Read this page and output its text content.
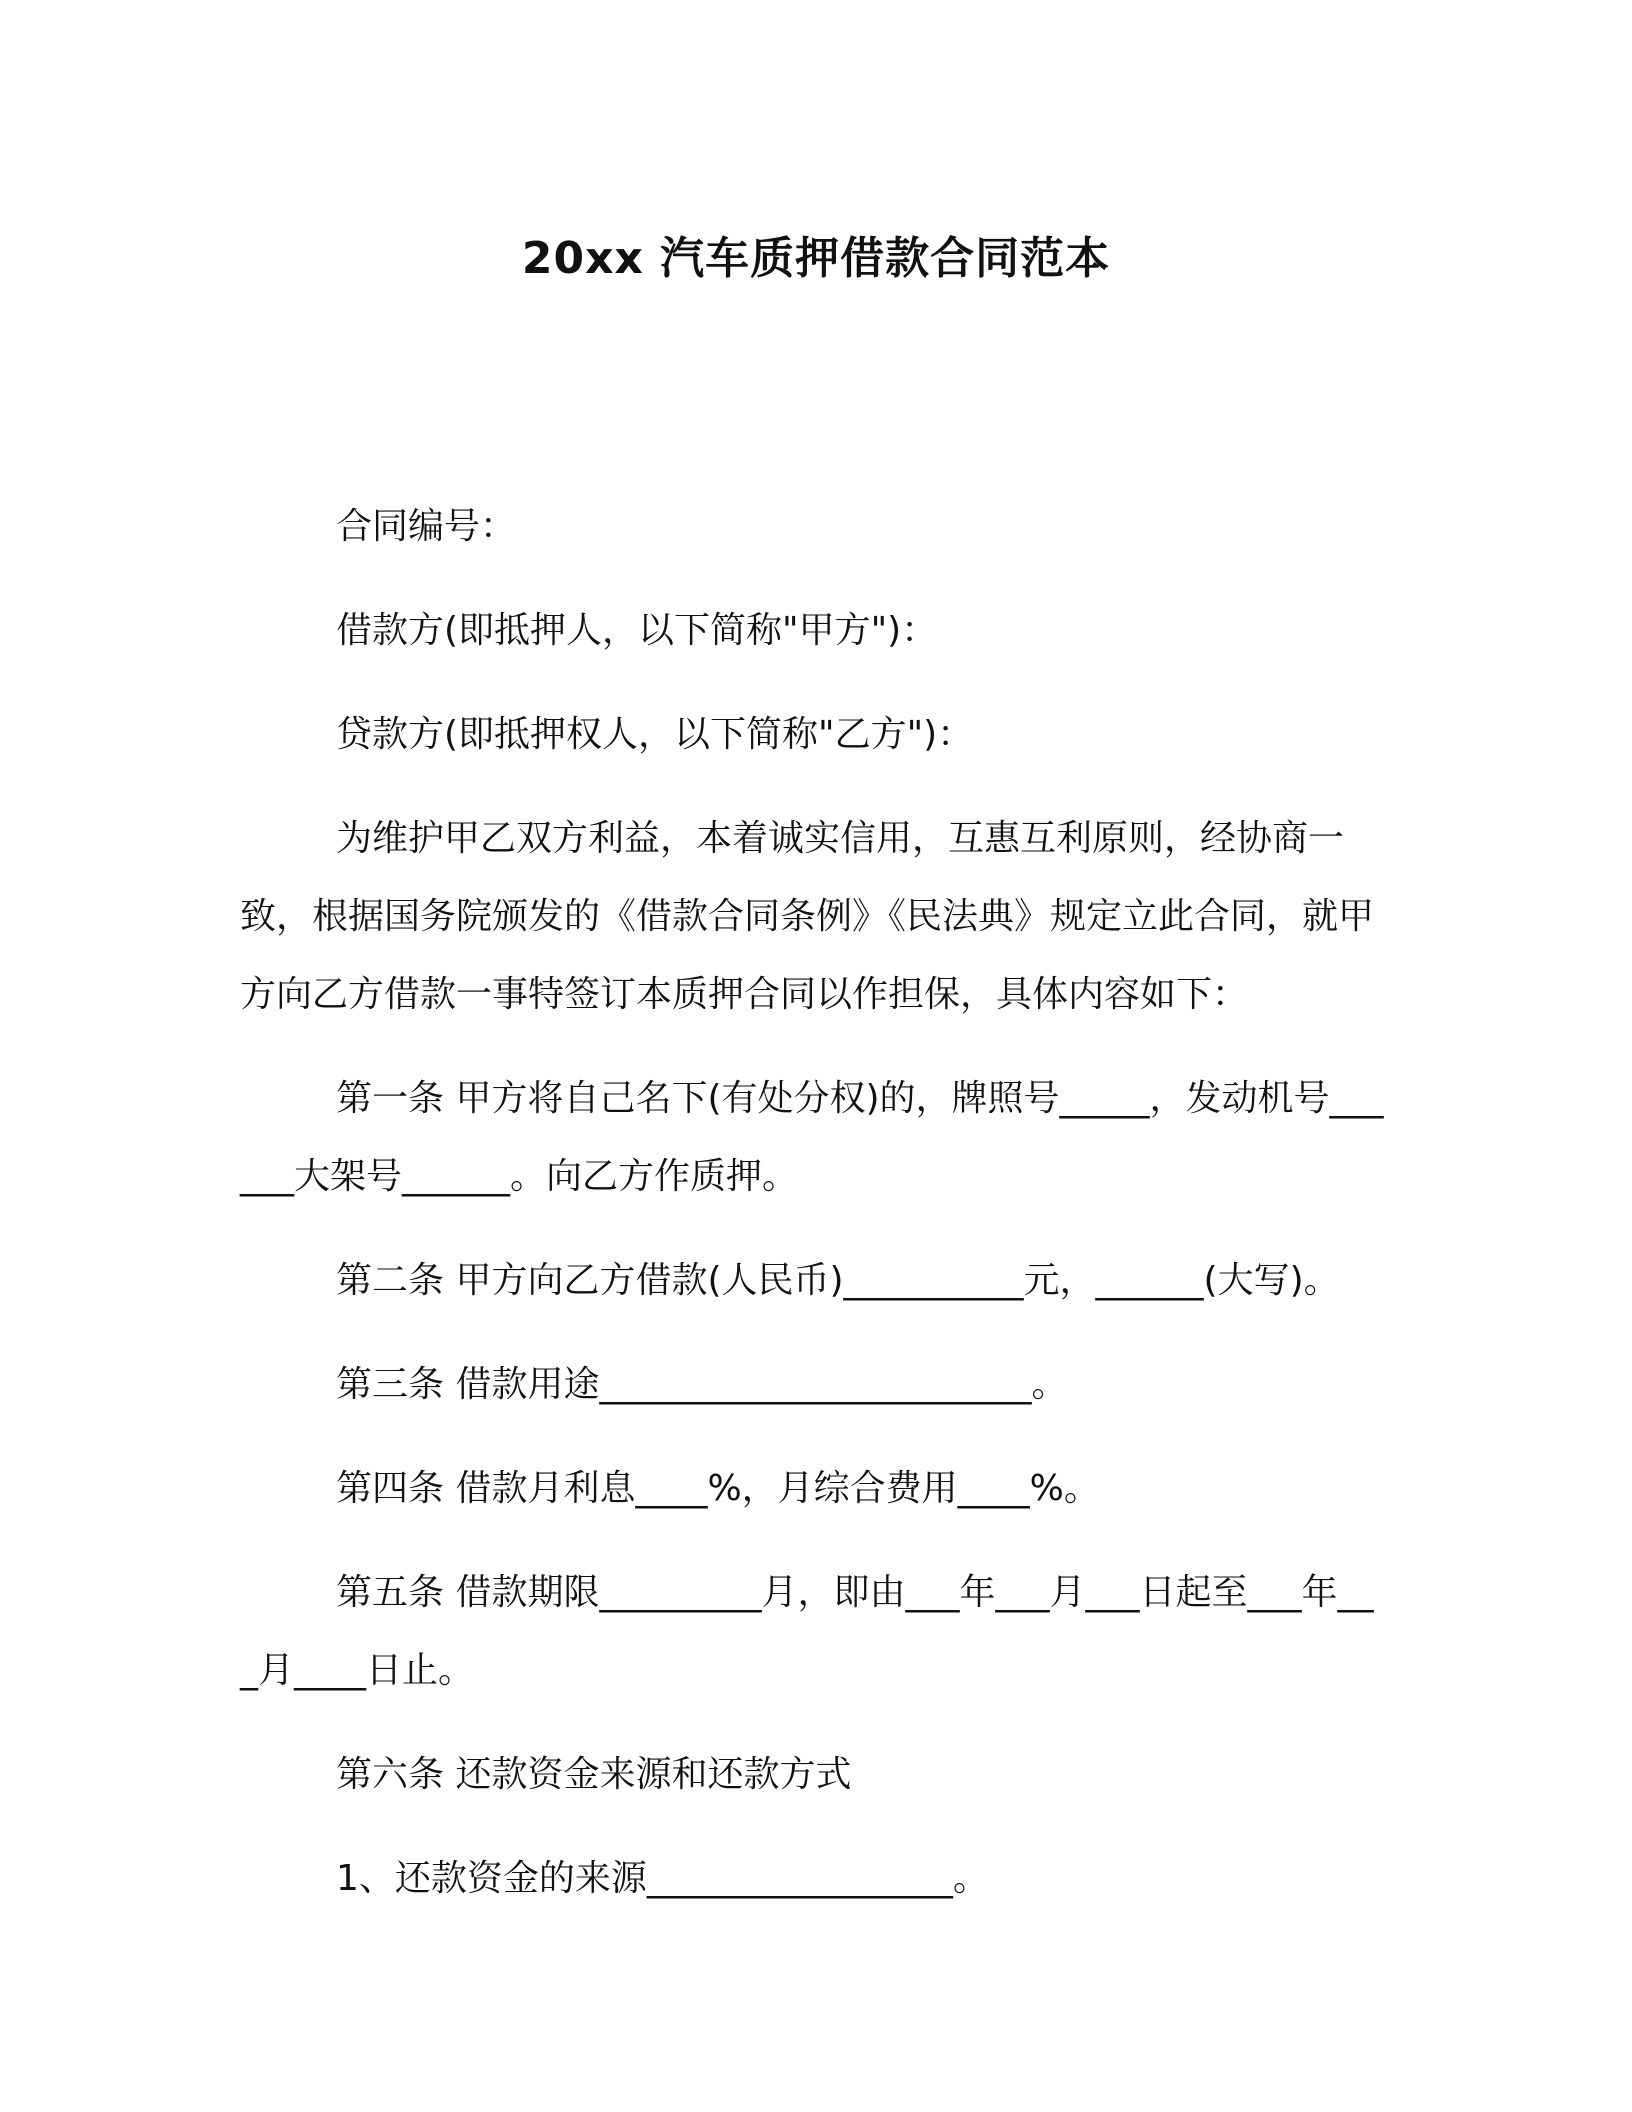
20xx 汽车质押借款合同范本

合同编号：

借款方(即抵押人，以下简称"甲方")：

贷款方(即抵押权人，以下简称"乙方")：

为维护甲乙双方利益，本着诚实信用，互惠互利原则，经协商一致，根据国务院颁发的《借款合同条例》《民法典》规定立此合同，就甲方向乙方借款一事特签订本质押合同以作担保，具体内容如下：

第一条 甲方将自己名下(有处分权)的，牌照号_____，发动机号______大架号______。向乙方作质押。

第二条 甲方向乙方借款(人民币)__________元，______(大写)。

第三条 借款用途________________________。

第四条 借款月利息____%，月综合费用____%。

第五条 借款期限_________月，即由___年___月___日起至___年___月____日止。

第六条 还款资金来源和还款方式

1、还款资金的来源_________________。
